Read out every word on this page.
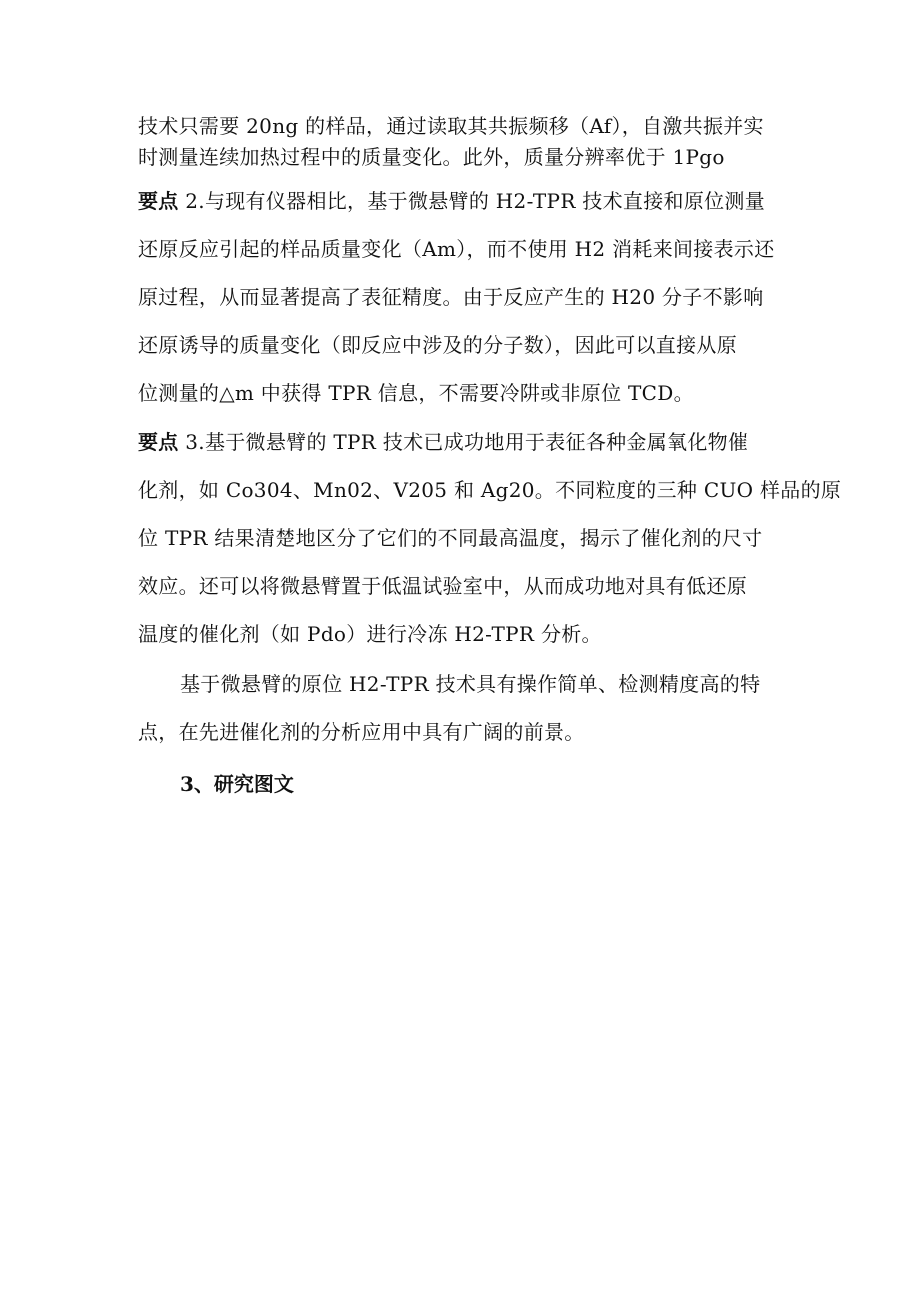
技术只需要 20ng 的样品，通过读取其共振频移（Af），自激共振并实
时测量连续加热过程中的质量变化。此外，质量分辨率优于 1Pgo
要点 2.与现有仪器相比，基于微悬臂的 H2-TPR 技术直接和原位测量
还原反应引起的样品质量变化（Am），而不使用 H2 消耗来间接表示还
原过程，从而显著提高了表征精度。由于反应产生的 H20 分子不影响
还原诱导的质量变化（即反应中涉及的分子数），因此可以直接从原
位测量的△m 中获得 TPR 信息，不需要冷阱或非原位 TCD。
要点 3.基于微悬臂的 TPR 技术已成功地用于表征各种金属氧化物催
化剂，如 Co304、Mn02、V205 和 Ag20。不同粒度的三种 CUO 样品的原
位 TPR 结果清楚地区分了它们的不同最高温度，揭示了催化剂的尺寸
效应。还可以将微悬臂置于低温试验室中，从而成功地对具有低还原
温度的催化剂（如 Pdo）进行冷冻 H2-TPR 分析。
基于微悬臂的原位 H2-TPR 技术具有操作简单、检测精度高的特
点，在先进催化剂的分析应用中具有广阔的前景。
3、研究图文
